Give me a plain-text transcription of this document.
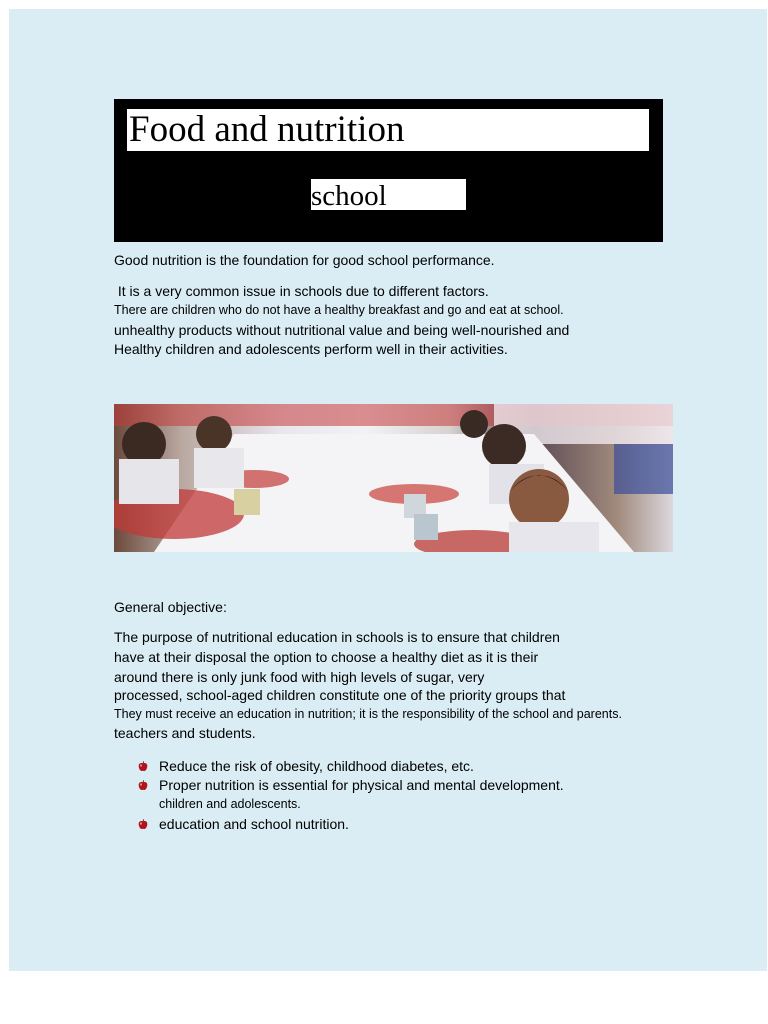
Food and nutrition
school

Good nutrition is the foundation for good school performance.

It is a very common issue in schools due to different factors.

There are children who do not have a healthy breakfast and go and eat at school.

unhealthy products without nutritional value and being well-nourished and

Healthy children and adolescents perform well in their activities.

General objective:

The purpose of nutritional education in schools is to ensure that children

have at their disposal the option to choose a healthy diet as it is their

around there is only junk food with high levels of sugar, very

processed, school-aged children constitute one of the priority groups that

They must receive an education in nutrition; it is the responsibility of the school and parents.

teachers and students.

Reduce the risk of obesity, childhood diabetes, etc.
Proper nutrition is essential for physical and mental development.
children and adolescents.
education and school nutrition.
